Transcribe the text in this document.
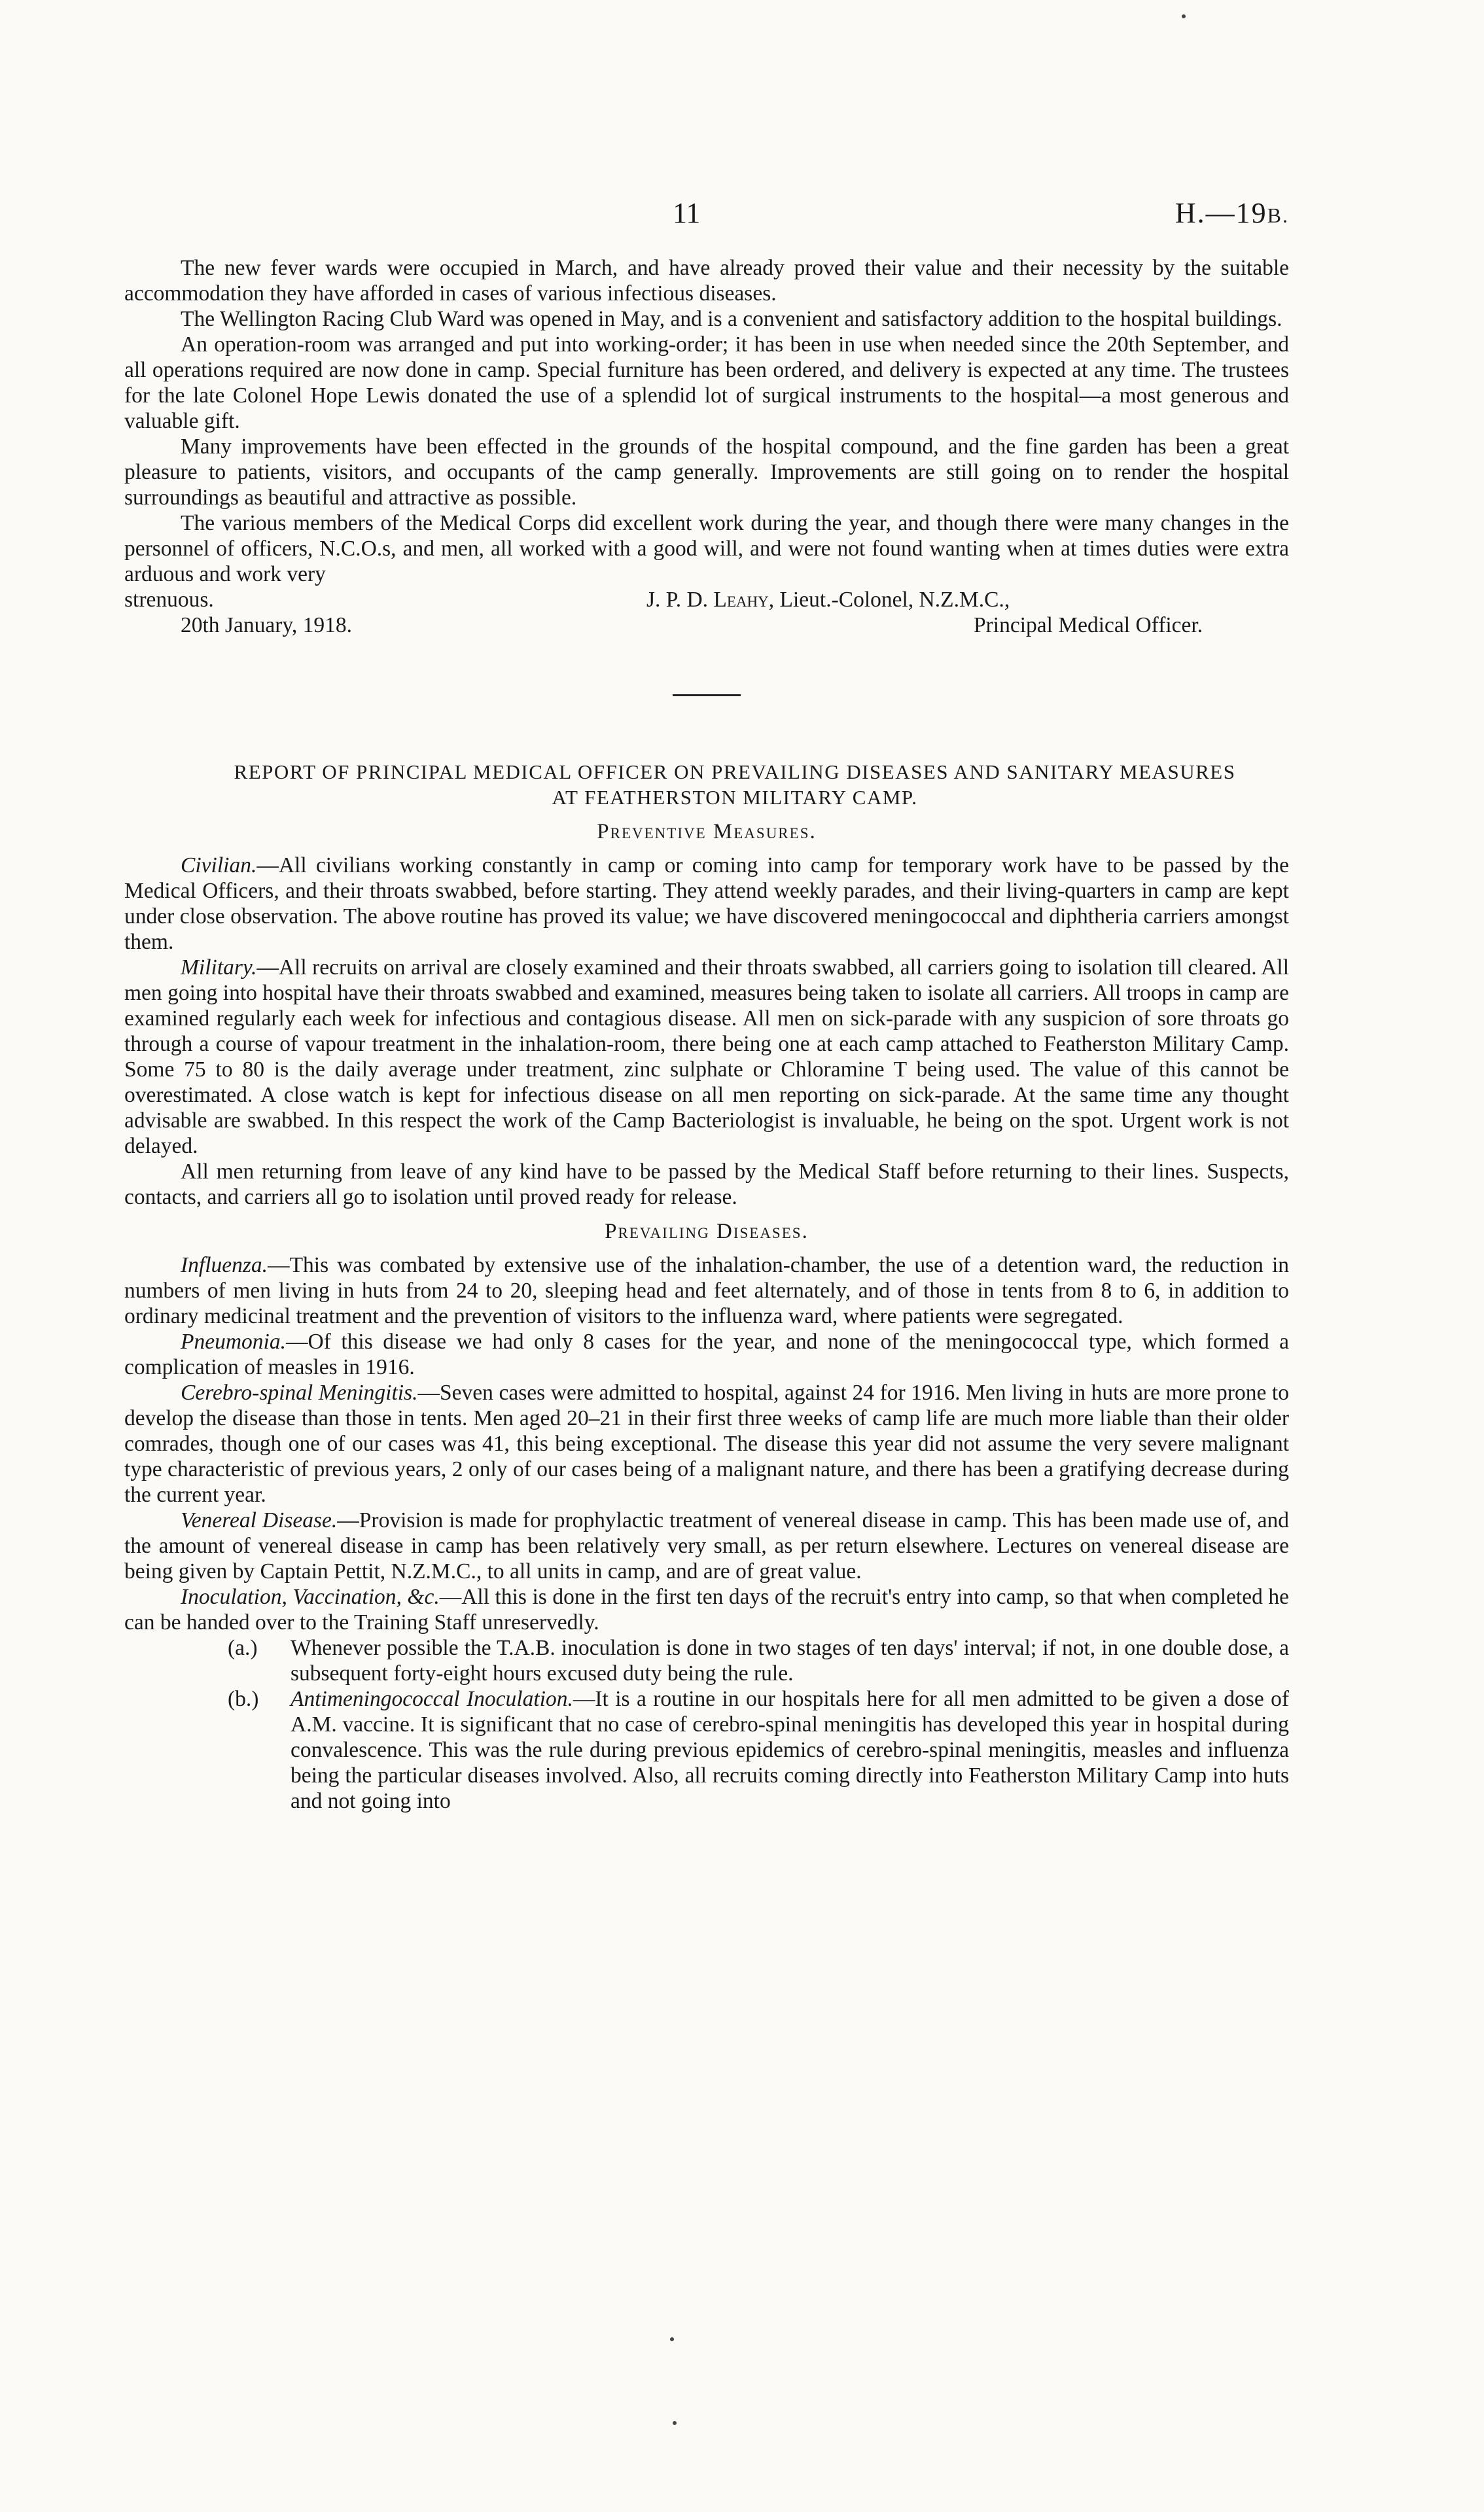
11	H.—19B.

The new fever wards were occupied in March, and have already proved their value and their necessity by the suitable accommodation they have afforded in cases of various infectious diseases.

The Wellington Racing Club Ward was opened in May, and is a convenient and satisfactory addition to the hospital buildings.

An operation-room was arranged and put into working-order; it has been in use when needed since the 20th September, and all operations required are now done in camp. Special furniture has been ordered, and delivery is expected at any time. The trustees for the late Colonel Hope Lewis donated the use of a splendid lot of surgical instruments to the hospital—a most generous and valuable gift.

Many improvements have been effected in the grounds of the hospital compound, and the fine garden has been a great pleasure to patients, visitors, and occupants of the camp generally. Improvements are still going on to render the hospital surroundings as beautiful and attractive as possible.

The various members of the Medical Corps did excellent work during the year, and though there were many changes in the personnel of officers, N.C.O.s, and men, all worked with a good will, and were not found wanting when at times duties were extra arduous and work very

strenuous.	J. P. D. Leahy, Lieut.-Colonel, N.Z.M.C.,
20th January, 1918.	Principal Medical Officer.

REPORT OF PRINCIPAL MEDICAL OFFICER ON PREVAILING DISEASES AND SANITARY MEASURES

AT FEATHERSTON MILITARY CAMP.

Preventive Measures.

Civilian.—All civilians working constantly in camp or coming into camp for temporary work have to be passed by the Medical Officers, and their throats swabbed, before starting. They attend weekly parades, and their living-quarters in camp are kept under close observation. The above routine has proved its value; we have discovered meningococcal and diphtheria carriers amongst them.

Military.—All recruits on arrival are closely examined and their throats swabbed, all carriers going to isolation till cleared. All men going into hospital have their throats swabbed and examined, measures being taken to isolate all carriers. All troops in camp are examined regularly each week for infectious and contagious disease. All men on sick-parade with any suspicion of sore throats go through a course of vapour treatment in the inhalation-room, there being one at each camp attached to Featherston Military Camp. Some 75 to 80 is the daily average under treatment, zinc sulphate or Chloramine T being used. The value of this cannot be overestimated. A close watch is kept for infectious disease on all men reporting on sick-parade. At the same time any thought advisable are swabbed. In this respect the work of the Camp Bacteriologist is invaluable, he being on the spot. Urgent work is not delayed.

All men returning from leave of any kind have to be passed by the Medical Staff before returning to their lines. Suspects, contacts, and carriers all go to isolation until proved ready for release.

Prevailing Diseases.

Influenza.—This was combated by extensive use of the inhalation-chamber, the use of a detention ward, the reduction in numbers of men living in huts from 24 to 20, sleeping head and feet alternately, and of those in tents from 8 to 6, in addition to ordinary medicinal treatment and the prevention of visitors to the influenza ward, where patients were segregated.

Pneumonia.—Of this disease we had only 8 cases for the year, and none of the meningococcal type, which formed a complication of measles in 1916.

Cerebro-spinal Meningitis.—Seven cases were admitted to hospital, against 24 for 1916. Men living in huts are more prone to develop the disease than those in tents. Men aged 20–21 in their first three weeks of camp life are much more liable than their older comrades, though one of our cases was 41, this being exceptional. The disease this year did not assume the very severe malignant type characteristic of previous years, 2 only of our cases being of a malignant nature, and there has been a gratifying decrease during the current year.

Venereal Disease.—Provision is made for prophylactic treatment of venereal disease in camp. This has been made use of, and the amount of venereal disease in camp has been relatively very small, as per return elsewhere. Lectures on venereal disease are being given by Captain Pettit, N.Z.M.C., to all units in camp, and are of great value.

Inoculation, Vaccination, &c.—All this is done in the first ten days of the recruit's entry into camp, so that when completed he can be handed over to the Training Staff unreservedly.

(a.) Whenever possible the T.A.B. inoculation is done in two stages of ten days' interval; if not, in one double dose, a subsequent forty-eight hours excused duty being the rule.

(b.) Antimeningococcal Inoculation.—It is a routine in our hospitals here for all men admitted to be given a dose of A.M. vaccine. It is significant that no case of cerebro-spinal meningitis has developed this year in hospital during convalescence. This was the rule during previous epidemics of cerebro-spinal meningitis, measles and influenza being the particular diseases involved. Also, all recruits coming directly into Featherston Military Camp into huts and not going into
